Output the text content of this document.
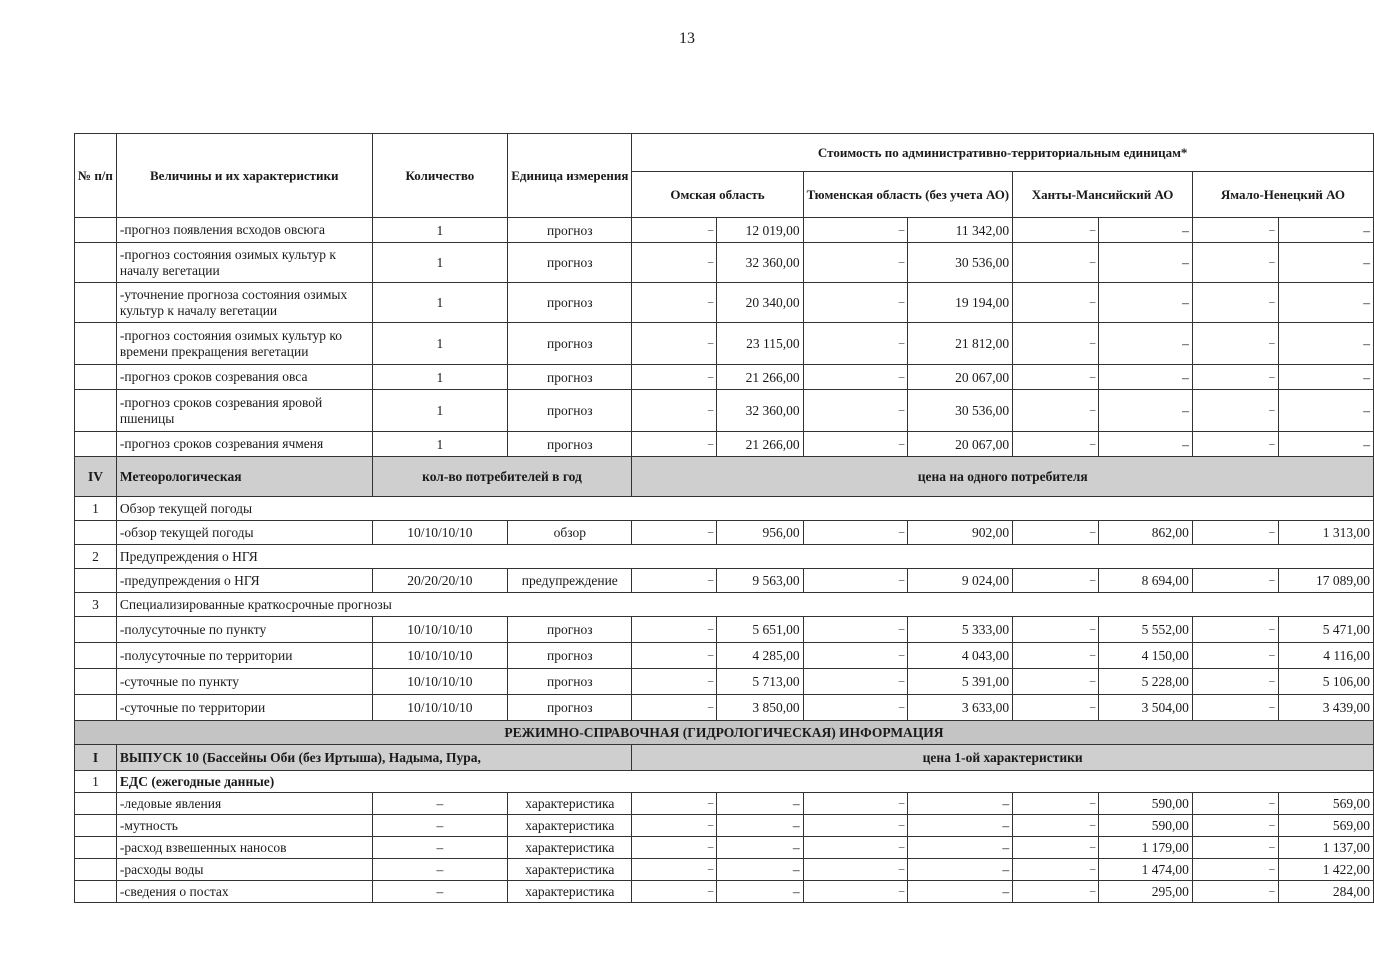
13
№ п/п	Величины и их характеристики	Количество	Единица измерения	Стоимость по административно-территориальным единицам*							
				Омская область		Тюменская область (без учета АО)		Ханты-Мансийский АО		Ямало-Ненецкий АО	
	-прогноз появления всходов овсюга	1	прогноз	–	12 019,00	–	11 342,00	–	–	–	–
	-прогноз состояния озимых культур к началу вегетации	1	прогноз	–	32 360,00	–	30 536,00	–	–	–	–
	-уточнение прогноза состояния озимых культур к началу вегетации	1	прогноз	–	20 340,00	–	19 194,00	–	–	–	–
	-прогноз состояния озимых культур ко времени прекращения вегетации	1	прогноз	–	23 115,00	–	21 812,00	–	–	–	–
	-прогноз сроков созревания овса	1	прогноз	–	21 266,00	–	20 067,00	–	–	–	–
	-прогноз сроков созревания яровой пшеницы	1	прогноз	–	32 360,00	–	30 536,00	–	–	–	–
	-прогноз сроков созревания ячменя	1	прогноз	–	21 266,00	–	20 067,00	–	–	–	–
IV	Метеорологическая	кол-во потребителей в год		цена на одного потребителя							
1	Обзор текущей погоды										
	-обзор текущей погоды	10/10/10/10	обзор	–	956,00	–	902,00	–	862,00	–	1 313,00
2	Предупреждения о НГЯ										
	-предупреждения о НГЯ	20/20/20/10	предупреждение	–	9 563,00	–	9 024,00	–	8 694,00	–	17 089,00
3	Специализированные краткосрочные прогнозы										
	-полусуточные по пункту	10/10/10/10	прогноз	–	5 651,00	–	5 333,00	–	5 552,00	–	5 471,00
	-полусуточные по территории	10/10/10/10	прогноз	–	4 285,00	–	4 043,00	–	4 150,00	–	4 116,00
	-суточные по пункту	10/10/10/10	прогноз	–	5 713,00	–	5 391,00	–	5 228,00	–	5 106,00
	-суточные по территории	10/10/10/10	прогноз	–	3 850,00	–	3 633,00	–	3 504,00	–	3 439,00
РЕЖИМНО-СПРАВОЧНАЯ (ГИДРОЛОГИЧЕСКАЯ) ИНФОРМАЦИЯ											
I	ВЫПУСК 10 (Бассейны Оби (без Иртыша), Надыма, Пура,			цена 1-ой характеристики							
1	ЕДС (ежегодные данные)										
	-ледовые явления	–	характеристика	–	–	–	–	–	590,00	–	569,00
	-мутность	–	характеристика	–	–	–	–	–	590,00	–	569,00
	-расход взвешенных наносов	–	характеристика	–	–	–	–	–	1 179,00	–	1 137,00
	-расходы воды	–	характеристика	–	–	–	–	–	1 474,00	–	1 422,00
	-сведения о постах	–	характеристика	–	–	–	–	–	295,00	–	284,00
